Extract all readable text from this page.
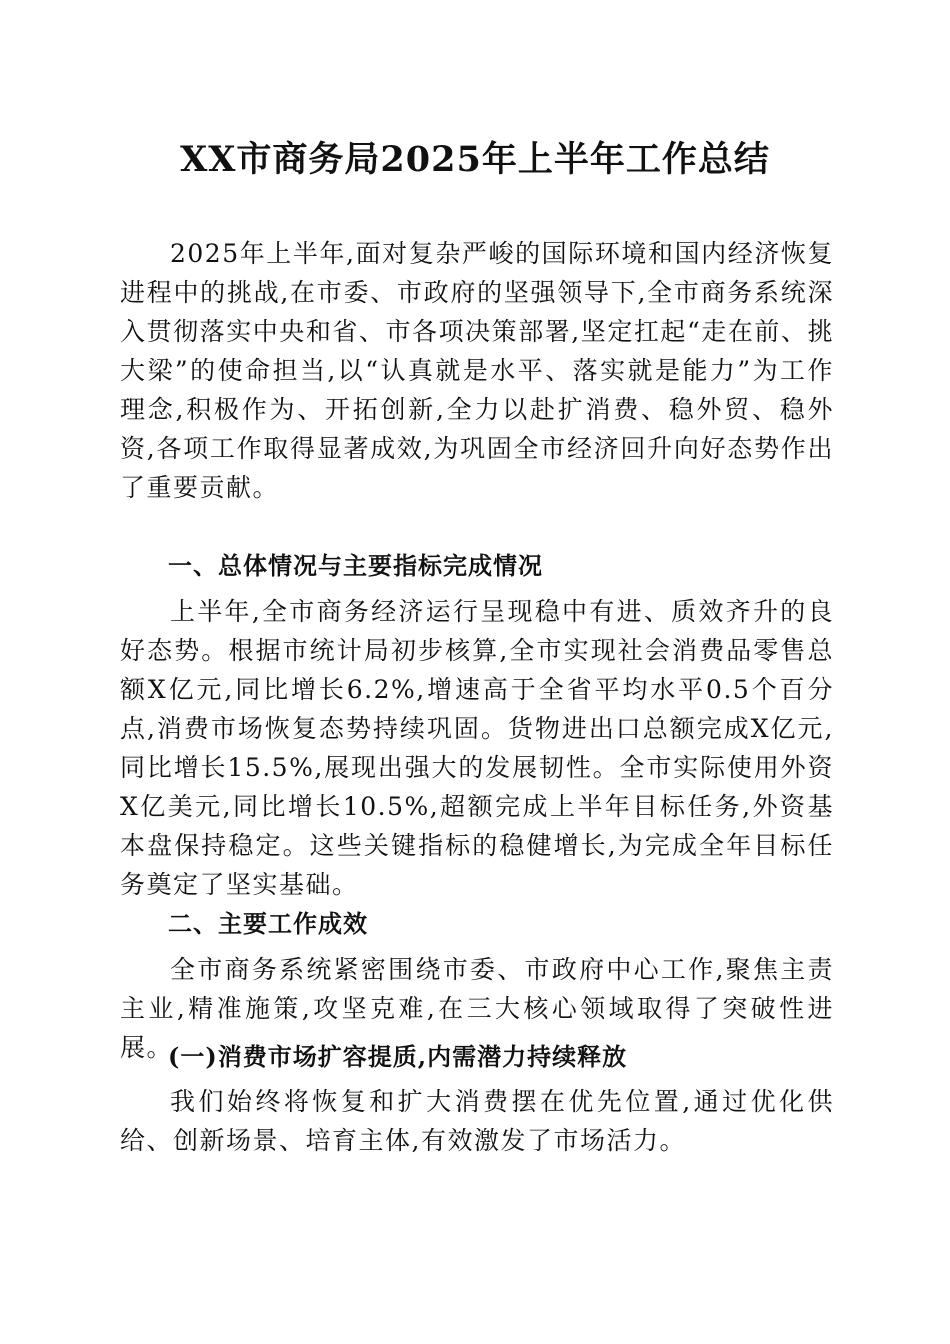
XX市商务局2025年上半年工作总结

2025年上半年,面对复杂严峻的国际环境和国内经济恢复进程中的挑战,在市委、市政府的坚强领导下,全市商务系统深入贯彻落实中央和省、市各项决策部署,坚定扛起“走在前、挑大梁”的使命担当,以“认真就是水平、落实就是能力”为工作理念,积极作为、开拓创新,全力以赴扩消费、稳外贸、稳外资,各项工作取得显著成效,为巩固全市经济回升向好态势作出了重要贡献。

一、总体情况与主要指标完成情况

上半年,全市商务经济运行呈现稳中有进、质效齐升的良好态势。根据市统计局初步核算,全市实现社会消费品零售总额X亿元,同比增长6.2%,增速高于全省平均水平0.5个百分点,消费市场恢复态势持续巩固。货物进出口总额完成X亿元,同比增长15.5%,展现出强大的发展韧性。全市实际使用外资X亿美元,同比增长10.5%,超额完成上半年目标任务,外资基本盘保持稳定。这些关键指标的稳健增长,为完成全年目标任务奠定了坚实基础。

二、主要工作成效

全市商务系统紧密围绕市委、市政府中心工作,聚焦主责主业,精准施策,攻坚克难,在三大核心领域取得了突破性进展。

(一)消费市场扩容提质,内需潜力持续释放

我们始终将恢复和扩大消费摆在优先位置,通过优化供给、创新场景、培育主体,有效激发了市场活力。
